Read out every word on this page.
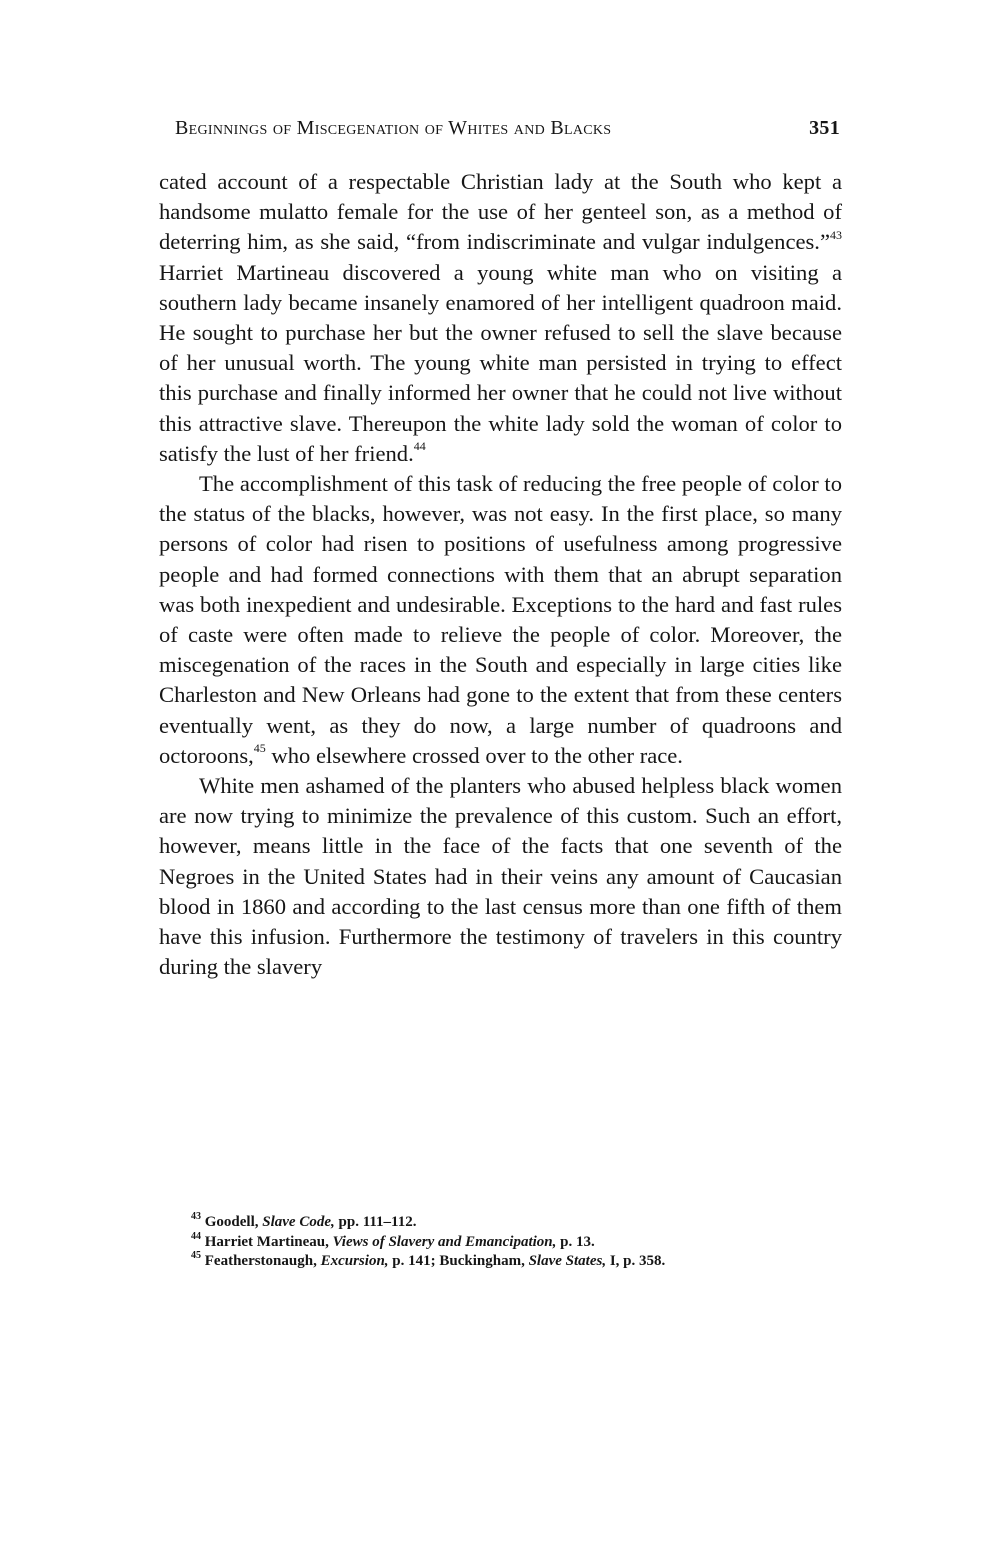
Beginnings of Miscegenation of Whites and Blacks	351

cated account of a respectable Christian lady at the South who kept a handsome mulatto female for the use of her genteel son, as a method of deterring him, as she said, “from indiscriminate and vulgar indulgences.”$^{43}$ Harriet Martineau discovered a young white man who on visiting a southern lady became insanely enamored of her intelligent quadroon maid. He sought to purchase her but the owner refused to sell the slave because of her unusual worth. The young white man persisted in trying to effect this purchase and finally informed her owner that he could not live without this attractive slave. Thereupon the white lady sold the woman of color to satisfy the lust of her friend.$^{44}$

The accomplishment of this task of reducing the free people of color to the status of the blacks, however, was not easy. In the first place, so many persons of color had risen to positions of usefulness among progressive people and had formed connections with them that an abrupt separation was both inexpedient and undesirable. Exceptions to the hard and fast rules of caste were often made to relieve the people of color. Moreover, the miscegenation of the races in the South and especially in large cities like Charleston and New Orleans had gone to the extent that from these centers eventually went, as they do now, a large number of quadroons and octoroons,$^{45}$ who elsewhere crossed over to the other race.

White men ashamed of the planters who abused helpless black women are now trying to minimize the prevalence of this custom. Such an effort, however, means little in the face of the facts that one seventh of the Negroes in the United States had in their veins any amount of Caucasian blood in 1860 and according to the last census more than one fifth of them have this infusion. Furthermore the testimony of travelers in this country during the slavery

$^{43}$ Goodell, Slave Code, pp. 111–112.
$^{44}$ Harriet Martineau, Views of Slavery and Emancipation, p. 13.
$^{45}$ Featherstonaugh, Excursion, p. 141; Buckingham, Slave States, I, p. 358.
